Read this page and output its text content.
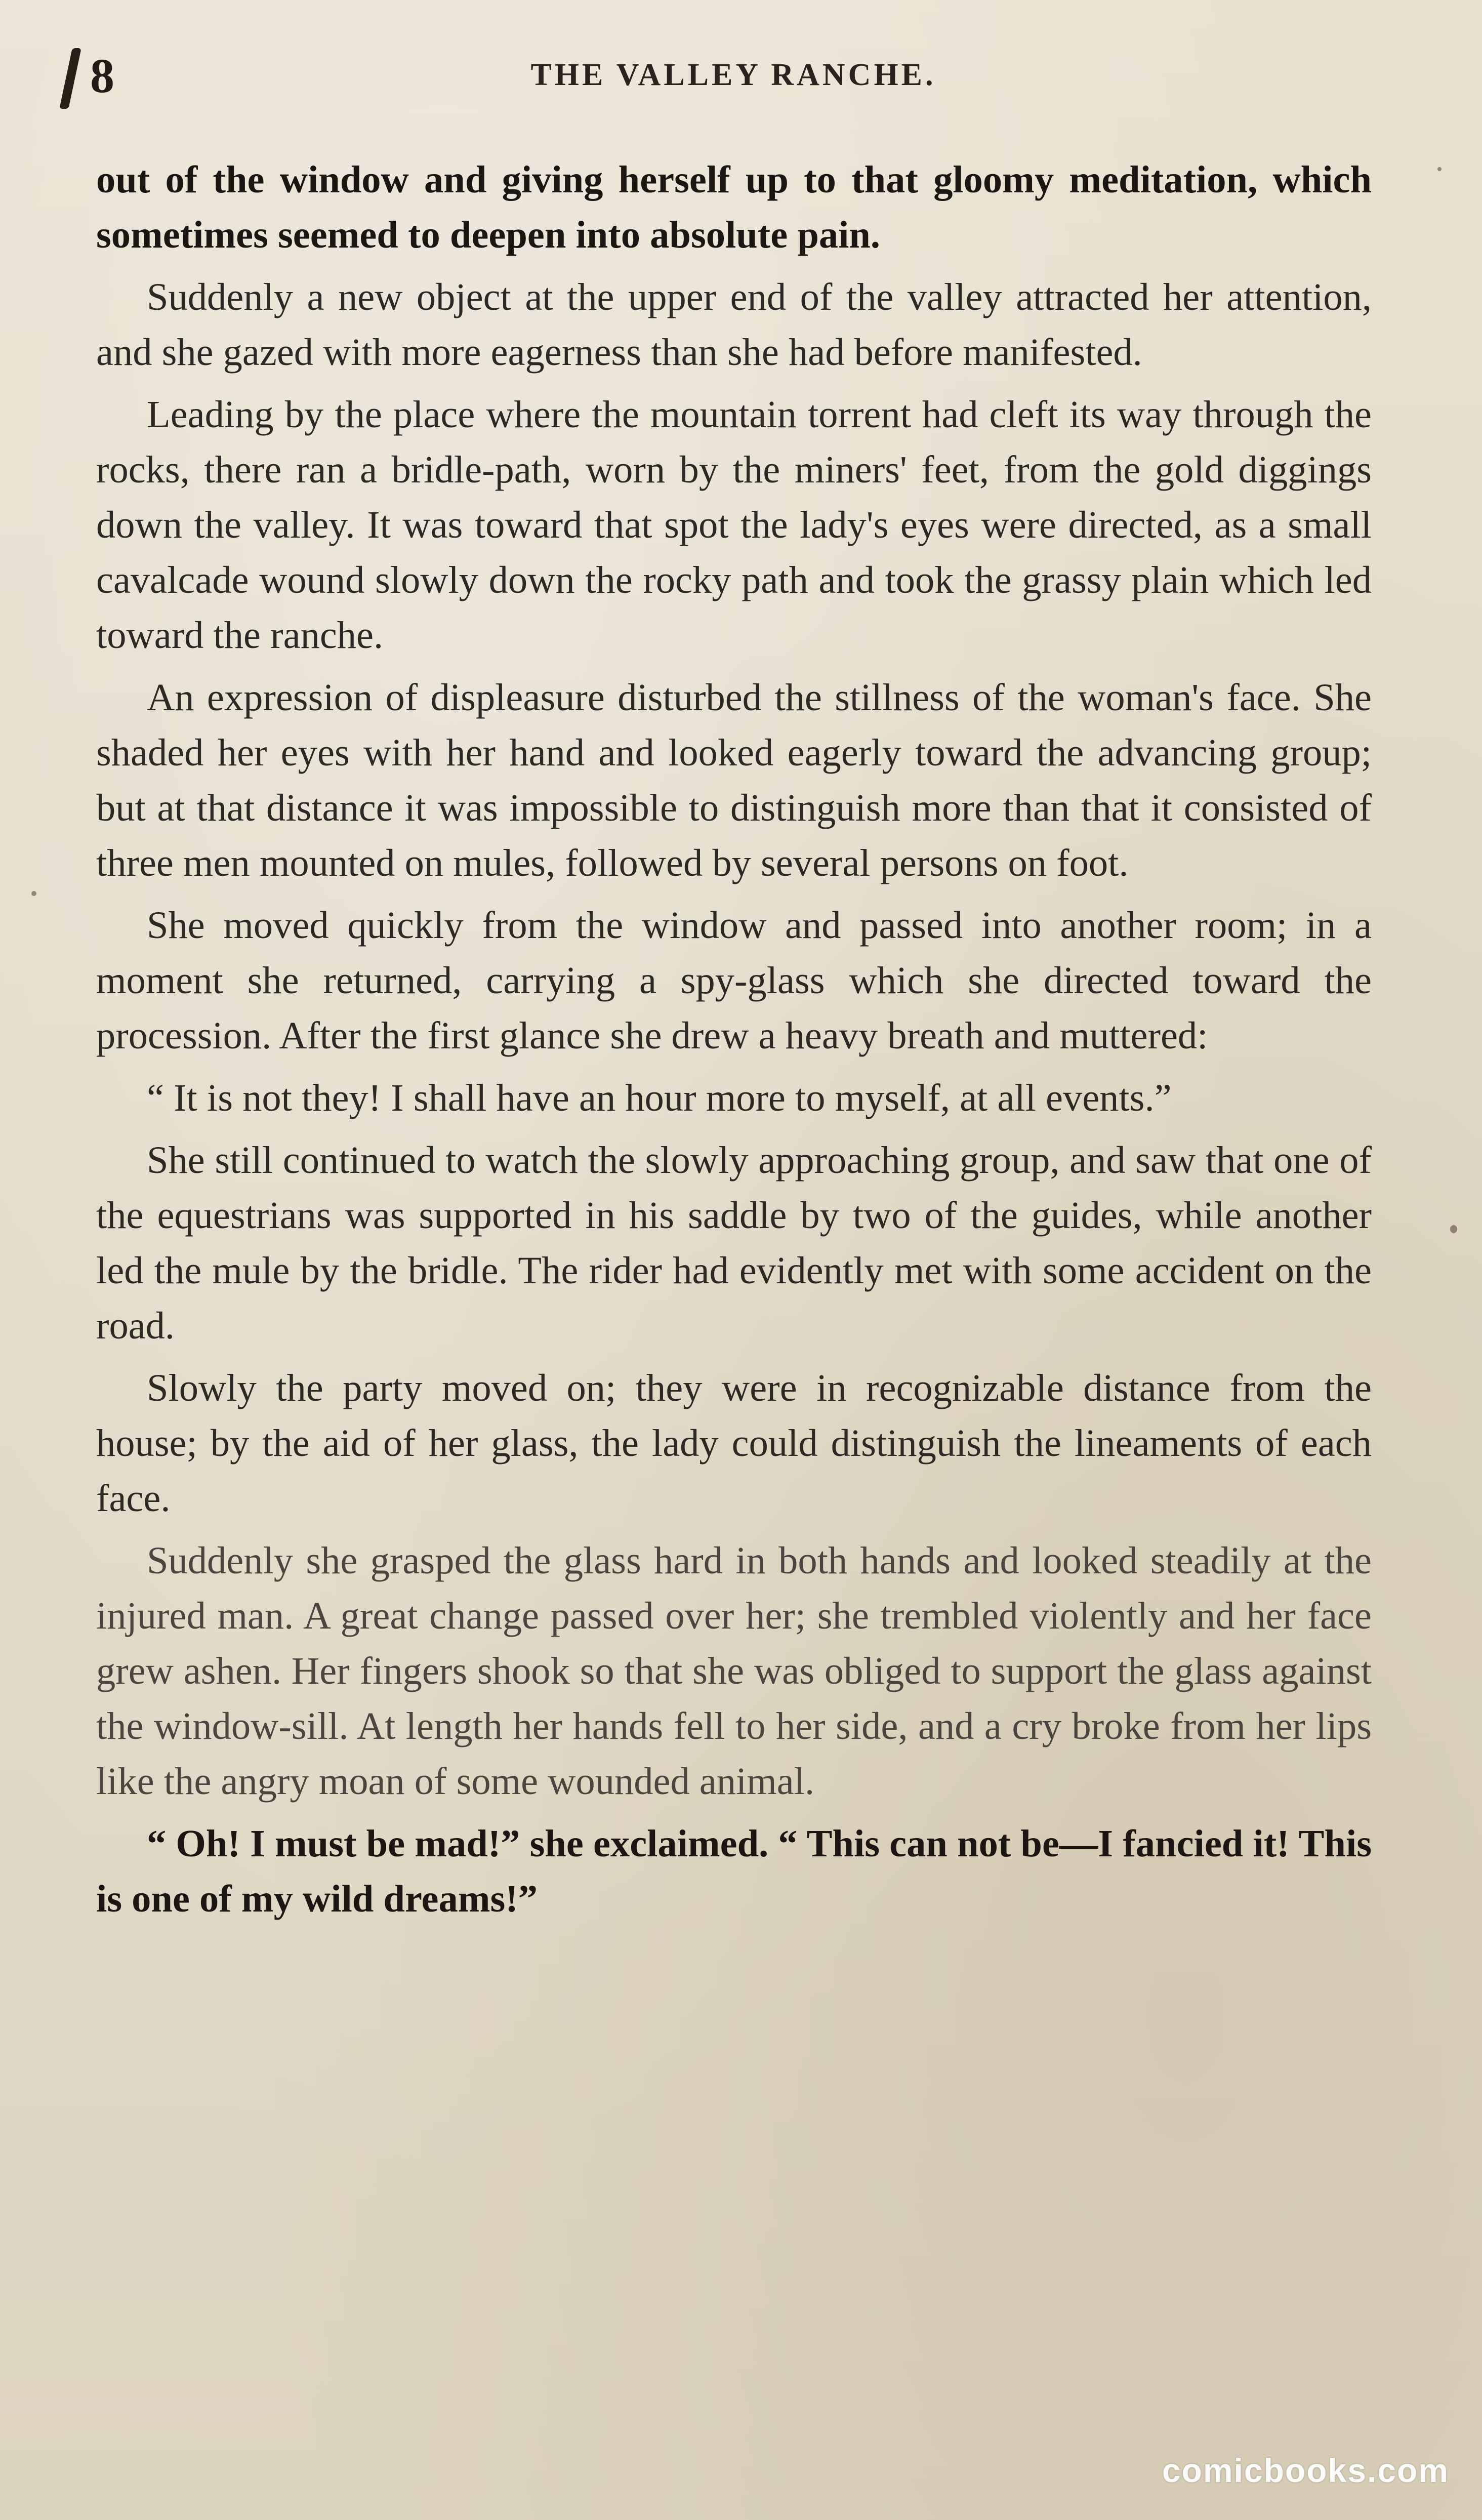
8	THE VALLEY RANCHE.

out of the window and giving herself up to that gloomy meditation, which sometimes seemed to deepen into absolute pain.

Suddenly a new object at the upper end of the valley attracted her attention, and she gazed with more eagerness than she had before manifested.

Leading by the place where the mountain torrent had cleft its way through the rocks, there ran a bridle-path, worn by the miners' feet, from the gold diggings down the valley. It was toward that spot the lady's eyes were directed, as a small cavalcade wound slowly down the rocky path and took the grassy plain which led toward the ranche.

An expression of displeasure disturbed the stillness of the woman's face. She shaded her eyes with her hand and looked eagerly toward the advancing group; but at that distance it was impossible to distinguish more than that it consisted of three men mounted on mules, followed by several persons on foot.

She moved quickly from the window and passed into another room; in a moment she returned, carrying a spy-glass which she directed toward the procession. After the first glance she drew a heavy breath and muttered:

“ It is not they! I shall have an hour more to myself, at all events.”

She still continued to watch the slowly approaching group, and saw that one of the equestrians was supported in his saddle by two of the guides, while another led the mule by the bridle. The rider had evidently met with some accident on the road.

Slowly the party moved on; they were in recognizable distance from the house; by the aid of her glass, the lady could distinguish the lineaments of each face.

Suddenly she grasped the glass hard in both hands and looked steadily at the injured man. A great change passed over her; she trembled violently and her face grew ashen. Her fingers shook so that she was obliged to support the glass against the window-sill. At length her hands fell to her side, and a cry broke from her lips like the angry moan of some wounded animal.

“ Oh! I must be mad!” she exclaimed. “ This can not be—I fancied it! This is one of my wild dreams!”

comicbooks.com
